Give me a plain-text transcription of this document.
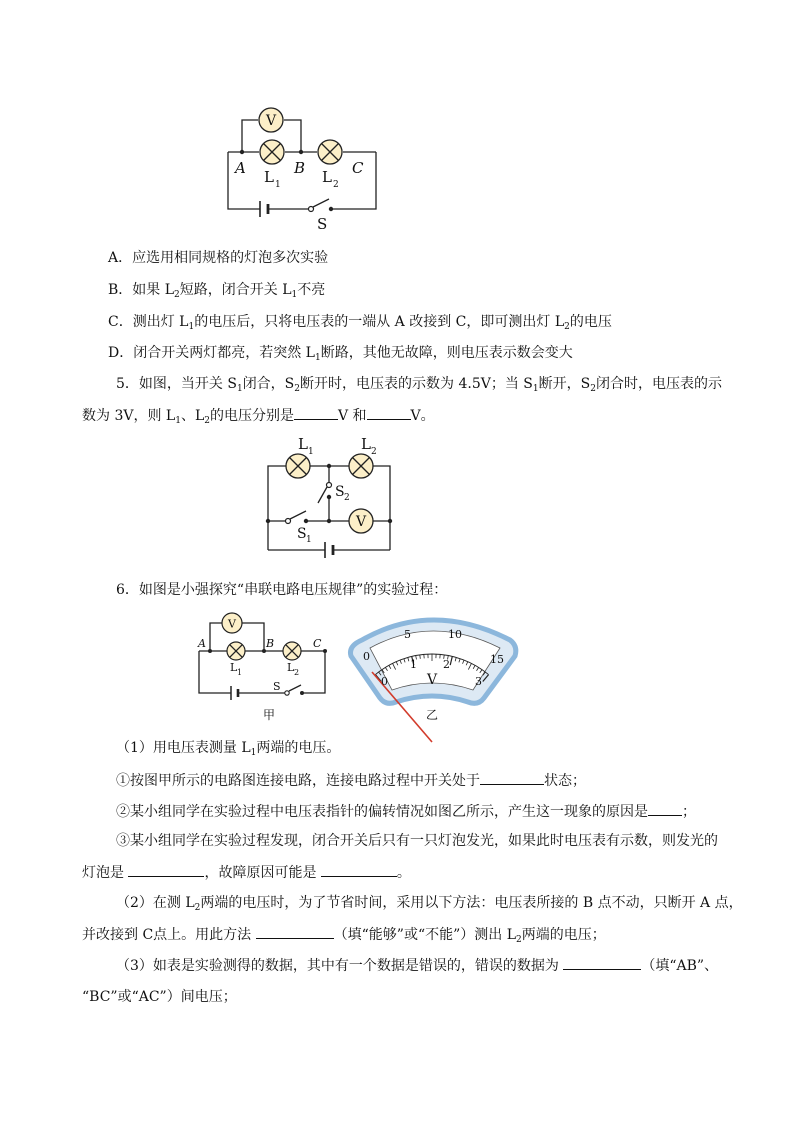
V
A	B	C
L 1	L 2
S
A．应选用相同规格的灯泡多次实验
B．如果 $L_2$短路，闭合开关 $L_1$不亮
C．测出灯 $L_1$的电压后，只将电压表的一端从 A 改接到 C，即可测出灯 $L_2$的电压
D．闭合开关两灯都亮，若突然 $L_1$断路，其他无故障，则电压表示数会变大
5．如图，当开关 $S_1$闭合，$S_2$断开时，电压表的示数为 4.5V；当 $S_1$断开，$S_2$闭合时，电压表的示
数为 3V，则 $L_1$、$L_2$的电压分别是	V 和	V。
V
L 1	L 2
S 2
S 1
6．如图是小强探究“串联电路电压规律”的实验过程：
V
A	B	C
L 1	L 2
S
甲
0
5	10
15
0
1 2
3
V
乙
（1）用电压表测量 $L_1$两端的电压。
①按图甲所示的电路图连接电路，连接电路过程中开关处于	状态；
②某小组同学在实验过程中电压表指针的偏转情况如图乙所示，产生这一现象的原因是 ；
③某小组同学在实验过程发现，闭合开关后只有一只灯泡发光，如果此时电压表有示数，则发光的
灯泡是	，故障原因可能是	。
（2）在测 $L_2$两端的电压时，为了节省时间，采用以下方法：电压表所接的 B 点不动，只断开 A 点，
并改接到 C点上。用此方法	（填“能够”或“不能”）测出 $L_2$两端的电压；
（3）如表是实验测得的数据，其中有一个数据是错误的，错误的数据为	（填“AB”、
“BC”或“AC”）间电压；
